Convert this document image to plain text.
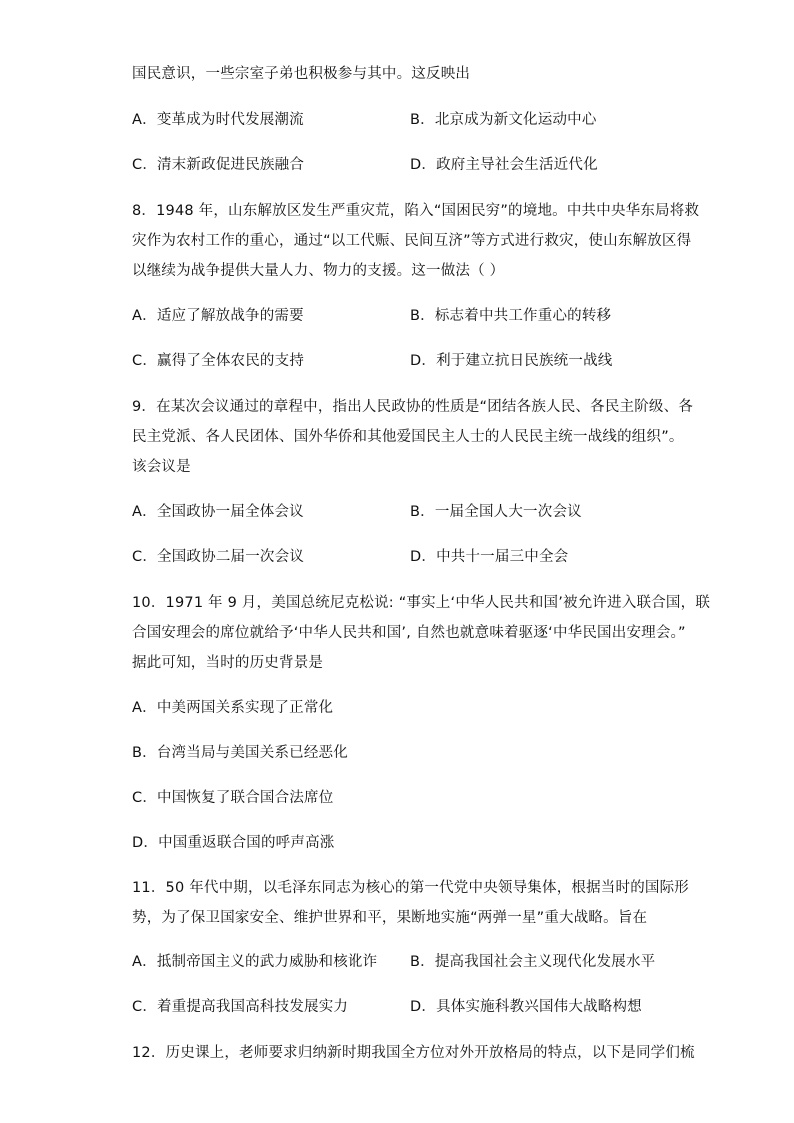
国民意识，一些宗室子弟也积极参与其中。这反映出
A．变革成为时代发展潮流	B．北京成为新文化运动中心
C．清末新政促进民族融合	D．政府主导社会生活近代化
8．1948 年，山东解放区发生严重灾荒，陷入“国困民穷”的境地。中共中央华东局将救
灾作为农村工作的重心，通过“以工代赈、民间互济”等方式进行救灾，使山东解放区得
以继续为战争提供大量人力、物力的支援。这一做法（ ）
A．适应了解放战争的需要	B．标志着中共工作重心的转移
C．赢得了全体农民的支持	D．利于建立抗日民族统一战线
9．在某次会议通过的章程中，指出人民政协的性质是“团结各族人民、各民主阶级、各
民主党派、各人民团体、国外华侨和其他爱国民主人士的人民民主统一战线的组织”。
该会议是
A．全国政协一届全体会议	B．一届全国人大一次会议
C．全国政协二届一次会议	D．中共十一届三中全会
10．1971 年 9 月，美国总统尼克松说: “事实上‘中华人民共和国’被允许进入联合国，联
合国安理会的席位就给予‘中华人民共和国’, 自然也就意味着驱逐‘中华民国出安理会。”
据此可知，当时的历史背景是
A．中美两国关系实现了正常化
B．台湾当局与美国关系已经恶化
C．中国恢复了联合国合法席位
D．中国重返联合国的呼声高涨
11．50 年代中期，以毛泽东同志为核心的第一代党中央领导集体，根据当时的国际形
势，为了保卫国家安全、维护世界和平，果断地实施“两弹一星”重大战略。旨在
A．抵制帝国主义的武力威胁和核讹诈 B．提高我国社会主义现代化发展水平
C．着重提高我国高科技发展实力	D．具体实施科教兴国伟大战略构想
12．历史课上，老师要求归纳新时期我国全方位对外开放格局的特点，以下是同学们梳
